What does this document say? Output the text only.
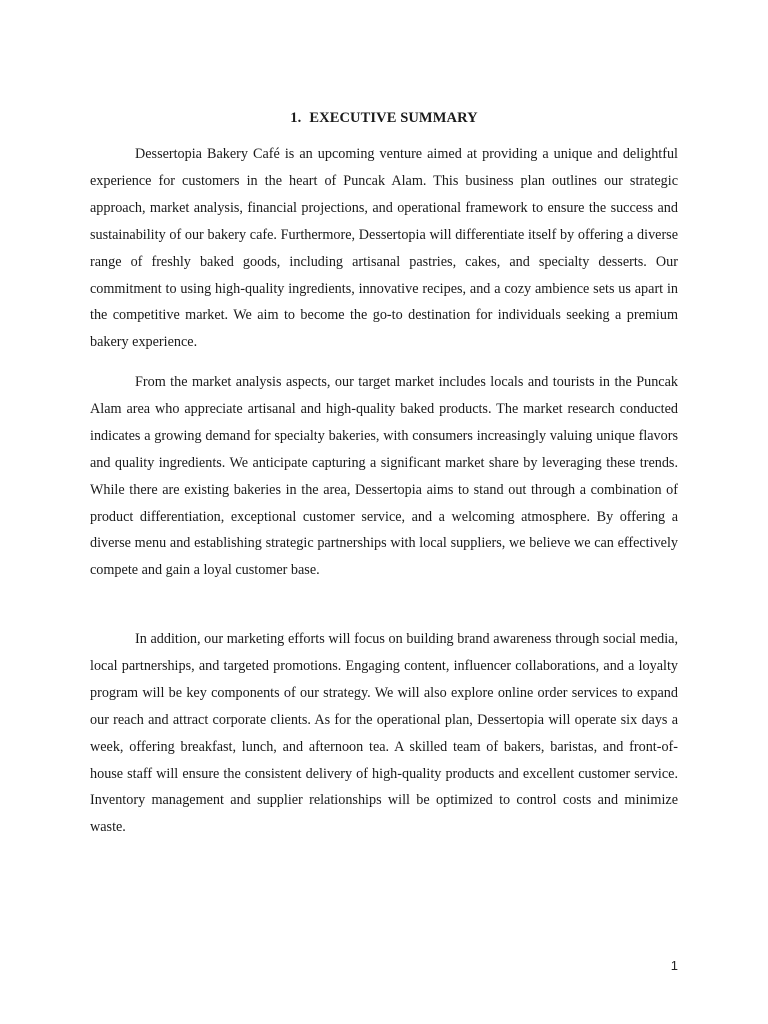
1. EXECUTIVE SUMMARY

Dessertopia Bakery Café is an upcoming venture aimed at providing a unique and delightful experience for customers in the heart of Puncak Alam. This business plan outlines our strategic approach, market analysis, financial projections, and operational framework to ensure the success and sustainability of our bakery cafe. Furthermore, Dessertopia will differentiate itself by offering a diverse range of freshly baked goods, including artisanal pastries, cakes, and specialty desserts. Our commitment to using high-quality ingredients, innovative recipes, and a cozy ambience sets us apart in the competitive market. We aim to become the go-to destination for individuals seeking a premium bakery experience.

From the market analysis aspects, our target market includes locals and tourists in the Puncak Alam area who appreciate artisanal and high-quality baked products. The market research conducted indicates a growing demand for specialty bakeries, with consumers increasingly valuing unique flavors and quality ingredients. We anticipate capturing a significant market share by leveraging these trends. While there are existing bakeries in the area, Dessertopia aims to stand out through a combination of product differentiation, exceptional customer service, and a welcoming atmosphere. By offering a diverse menu and establishing strategic partnerships with local suppliers, we believe we can effectively compete and gain a loyal customer base.

In addition, our marketing efforts will focus on building brand awareness through social media, local partnerships, and targeted promotions. Engaging content, influencer collaborations, and a loyalty program will be key components of our strategy. We will also explore online order services to expand our reach and attract corporate clients. As for the operational plan, Dessertopia will operate six days a week, offering breakfast, lunch, and afternoon tea. A skilled team of bakers, baristas, and front-of-house staff will ensure the consistent delivery of high-quality products and excellent customer service. Inventory management and supplier relationships will be optimized to control costs and minimize waste.

1
